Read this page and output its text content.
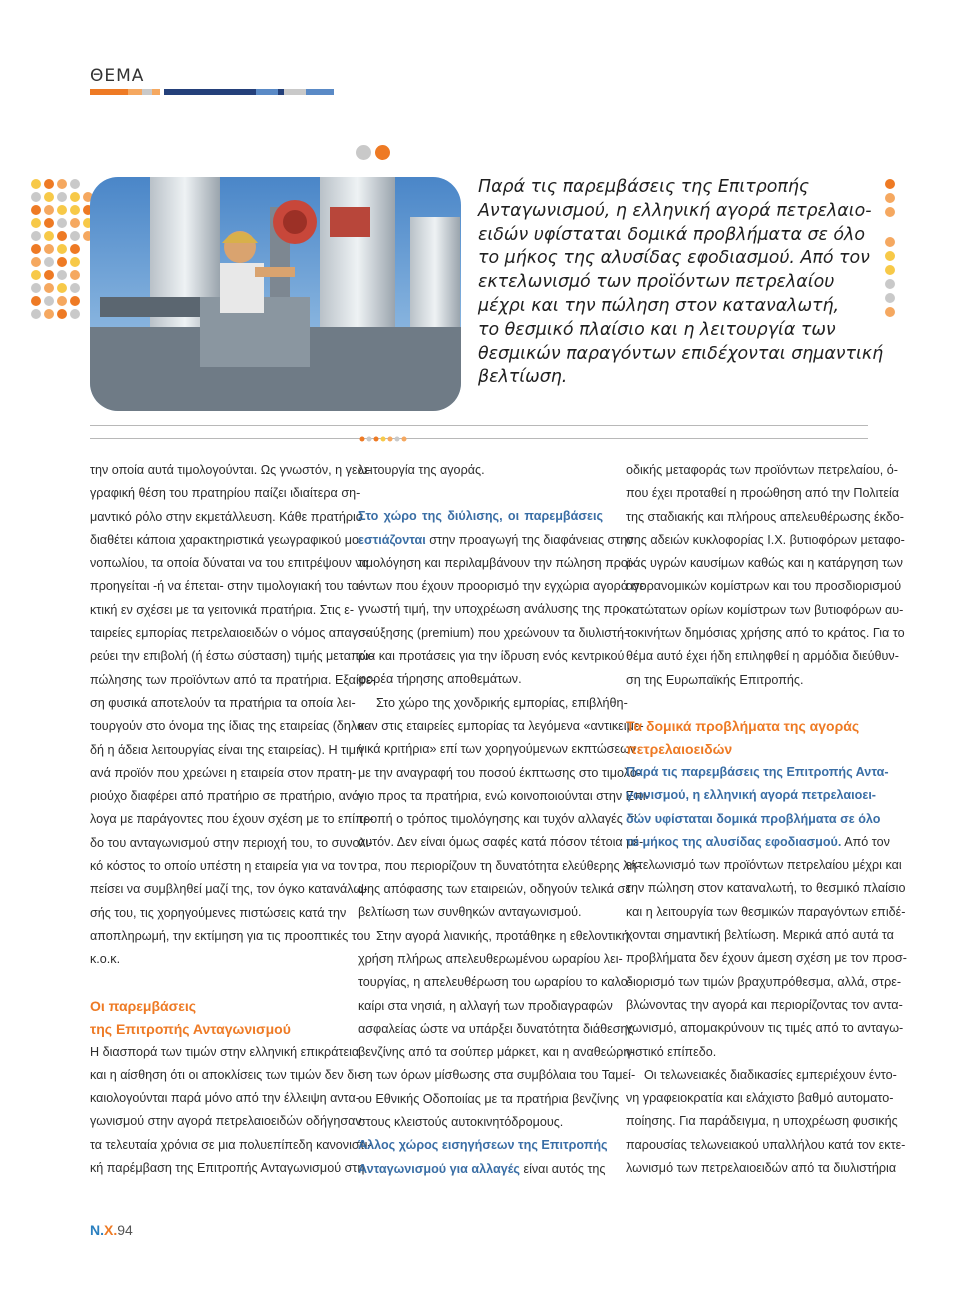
ΘΕΜΑ
Παρά τις παρεμβάσεις της Επιτροπής
Ανταγωνισμού, η ελληνική αγορά πετρελαιο-
ειδών υφίσταται δομικά προβλήματα σε όλο
το μήκος της αλυσίδας εφοδιασμού. Από τον
εκτελωνισμό των προϊόντων πετρελαίου
μέχρι και την πώληση στον καταναλωτή,
το θεσμικό πλαίσιο και η λειτουργία των
θεσμικών παραγόντων επιδέχονται σημαντική
βελτίωση.

την οποία αυτά τιμολογούνται. Ως γνωστόν, η γεω-

γραφική θέση του πρατηρίου παίζει ιδιαίτερα ση-

μαντικό ρόλο στην εκμετάλλευση. Κάθε πρατήριο

διαθέτει κάποια χαρακτηριστικά γεωγραφικού μο-

νοπωλίου, τα οποία δύναται να του επιτρέψουν να

προηγείται -ή να έπεται- στην τιμολογιακή του τα-

κτική εν σχέσει με τα γειτονικά πρατήρια. Στις ε-

ταιρείες εμπορίας πετρελαιοειδών ο νόμος απαγο-

ρεύει την επιβολή (ή έστω σύσταση) τιμής μεταπώ-

πώλησης των προϊόντων από τα πρατήρια. Εξαίρε-

ση φυσικά αποτελούν τα πρατήρια τα οποία λει-

τουργούν στο όνομα της ίδιας της εταιρείας (δηλα-

δή η άδεια λειτουργίας είναι της εταιρείας). Η τιμή

ανά προϊόν που χρεώνει η εταιρεία στον πρατη-

ριούχο διαφέρει από πρατήριο σε πρατήριο, ανά-

λογα με παράγοντες που έχουν σχέση με το επίπε-

δο του ανταγωνισμού στην περιοχή του, το συνολι-

κό κόστος το οποίο υπέστη η εταιρεία για να τον

πείσει να συμβληθεί μαζί της, τον όγκο κατανάλω-

σής του, τις χορηγούμενες πιστώσεις κατά την

αποπληρωμή, την εκτίμηση για τις προοπτικές του

κ.ο.κ.

Οι παρεμβάσεις

της Επιτροπής Ανταγωνισμού

Η διασπορά των τιμών στην ελληνική επικράτεια

και η αίσθηση ότι οι αποκλίσεις των τιμών δεν δι-

καιολογούνται παρά μόνο από την έλλειψη αντα-

γωνισμού στην αγορά πετρελαιοειδών οδήγησαν

τα τελευταία χρόνια σε μια πολυεπίπεδη κανονιστι-

κή παρέμβαση της Επιτροπής Ανταγωνισμού στη

λειτουργία της αγοράς.

Στο χώρο της διύλισης, οι παρεμβάσεις

εστιάζονται στην προαγωγή της διαφάνειας στην

τιμολόγηση και περιλαμβάνουν την πώληση προϊ-

όντων που έχουν προορισμό την εγχώρια αγορά σε

γνωστή τιμή, την υποχρέωση ανάλυσης της προ-

σαύξησης (premium) που χρεώνουν τα διυλιστή-

ρια και προτάσεις για την ίδρυση ενός κεντρικού

φορέα τήρησης αποθεμάτων.

Στο χώρο της χονδρικής εμπορίας, επιβλήθη-

καν στις εταιρείες εμπορίας τα λεγόμενα «αντικειμε-

νικά κριτήρια» επί των χορηγούμενων εκπτώσεων

με την αναγραφή του ποσού έκπτωσης στο τιμολό-

γιο προς τα πρατήρια, ενώ κοινοποιούνται στην Επι-

τροπή ο τρόπος τιμολόγησης και τυχόν αλλαγές σ'

αυτόν. Δεν είναι όμως σαφές κατά πόσον τέτοια μέ-

τρα, που περιορίζουν τη δυνατότητα ελεύθερης λή-

ψης απόφασης των εταιρειών, οδηγούν τελικά σε

βελτίωση των συνθηκών ανταγωνισμού.

Στην αγορά λιανικής, προτάθηκε η εθελοντική

χρήση πλήρως απελευθερωμένου ωραρίου λει-

τουργίας, η απελευθέρωση του ωραρίου το καλο-

καίρι στα νησιά, η αλλαγή των προδιαγραφών

ασφαλείας ώστε να υπάρξει δυνατότητα διάθεσης

βενζίνης από τα σούπερ μάρκετ, και η αναθεώρη-

ση των όρων μίσθωσης στα συμβόλαια του Ταμεί-

ου Εθνικής Οδοποιίας με τα πρατήρια βενζίνης

στους κλειστούς αυτοκινητόδρομους.

Άλλος χώρος εισηγήσεων της Επιτροπής

Ανταγωνισμού για αλλαγές είναι αυτός της

οδικής μεταφοράς των προϊόντων πετρελαίου, ό-

που έχει προταθεί η προώθηση από την Πολιτεία

της σταδιακής και πλήρους απελευθέρωσης έκδο-

σης αδειών κυκλοφορίας Ι.Χ. βυτιοφόρων μεταφο-

ράς υγρών καυσίμων καθώς και η κατάργηση των

αγορανομικών κομίστρων και του προσδιορισμού

κατώτατων ορίων κομίστρων των βυτιοφόρων αυ-

τοκινήτων δημόσιας χρήσης από το κράτος. Για το

θέμα αυτό έχει ήδη επιληφθεί η αρμόδια διεύθυν-

ση της Ευρωπαϊκής Επιτροπής.

Τα δομικά προβλήματα της αγοράς

πετρελαιοειδών

Παρά τις παρεμβάσεις της Επιτροπής Αντα-

γωνισμού, η ελληνική αγορά πετρελαιοει-

δών υφίσταται δομικά προβλήματα σε όλο

το μήκος της αλυσίδας εφοδιασμού. Από τον

εκτελωνισμό των προϊόντων πετρελαίου μέχρι και

την πώληση στον καταναλωτή, το θεσμικό πλαίσιο

και η λειτουργία των θεσμικών παραγόντων επιδέ-

χονται σημαντική βελτίωση. Μερικά από αυτά τα

προβλήματα δεν έχουν άμεση σχέση με τον προσ-

διορισμό των τιμών βραχυπρόθεσμα, αλλά, στρε-

βλώνοντας την αγορά και περιορίζοντας τον αντα-

γωνισμό, απομακρύνουν τις τιμές από το ανταγω-

νιστικό επίπεδο.

Οι τελωνειακές διαδικασίες εμπεριέχουν έντο-

νη γραφειοκρατία και ελάχιστο βαθμό αυτοματο-

ποίησης. Για παράδειγμα, η υποχρέωση φυσικής

παρουσίας τελωνειακού υπαλλήλου κατά τον εκτε-

λωνισμό των πετρελαιοειδών από τα διυλιστήρια

Ν.Χ.94
